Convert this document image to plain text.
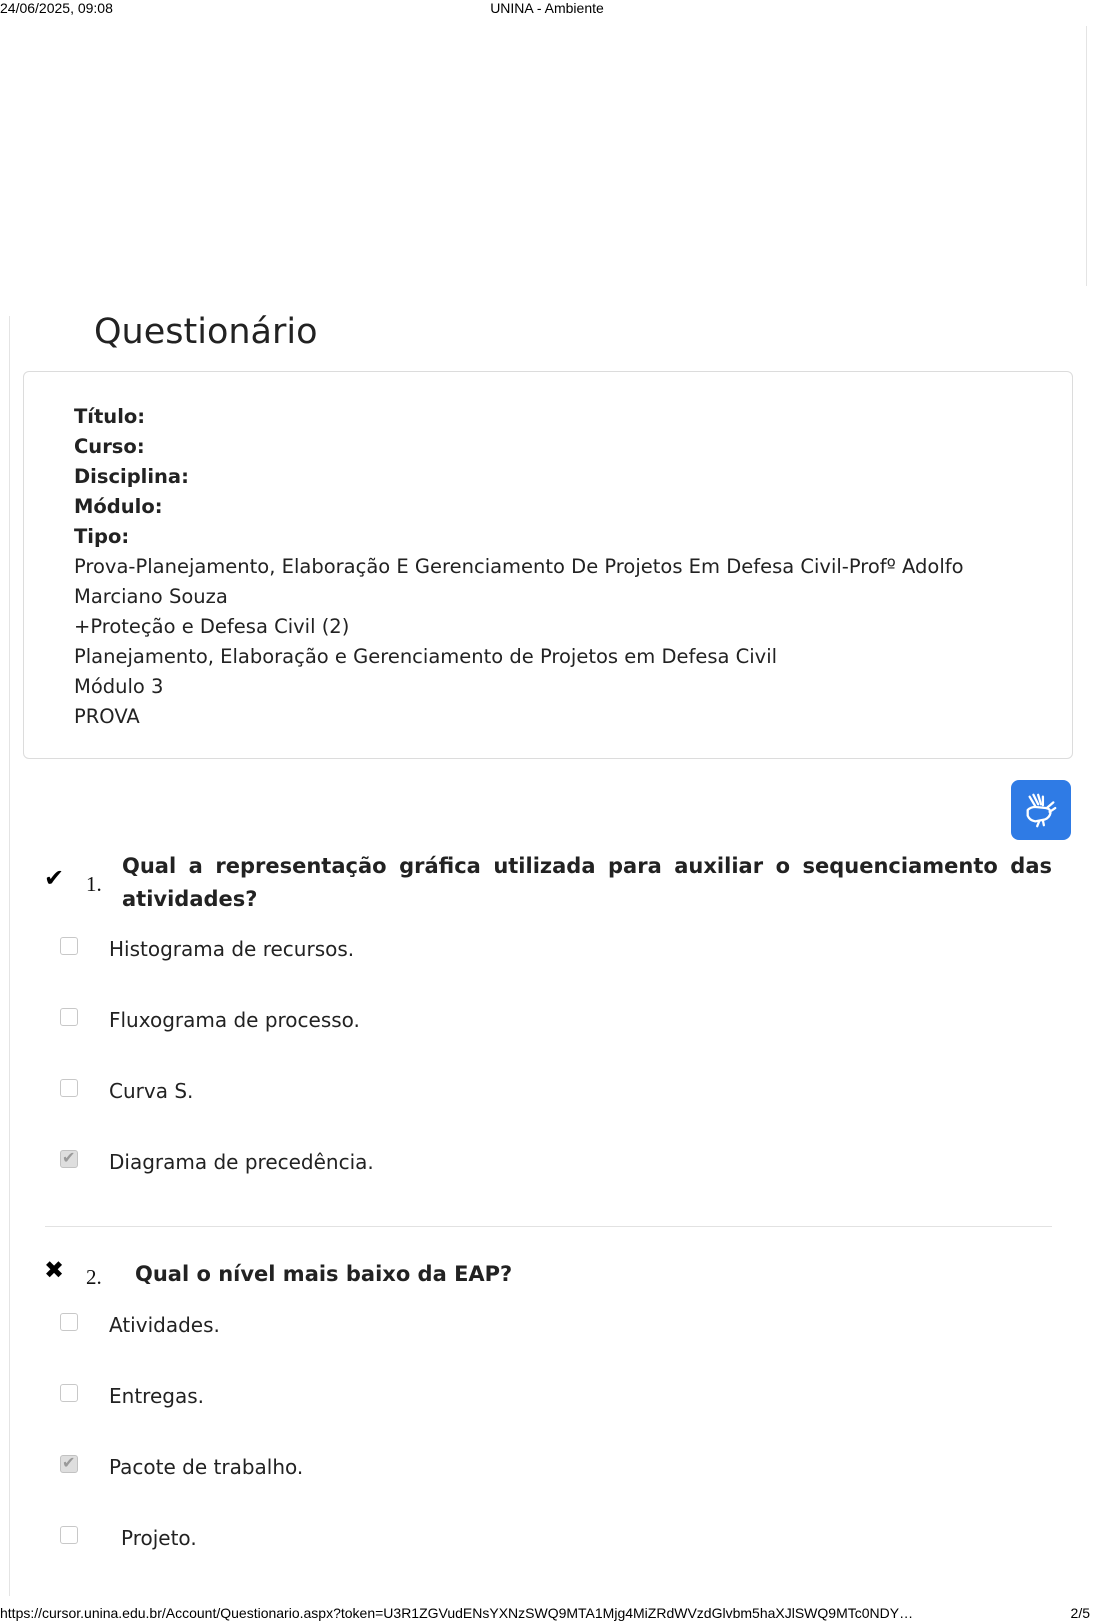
24/06/2025, 09:08	UNINA - Ambiente
Questionário
Título:
Curso:
Disciplina:
Módulo:
Tipo:
Prova-Planejamento, Elaboração E Gerenciamento De Projetos Em Defesa Civil-Profº Adolfo Marciano Souza
+Proteção e Defesa Civil (2)
Planejamento, Elaboração e Gerenciamento de Projetos em Defesa Civil
Módulo 3
PROVA
✔ 1.

Qual a representação gráfica utilizada para auxiliar o sequenciamento das atividades?

Histograma de recursos.
Fluxograma de processo.
Curva S.
✔
Diagrama de precedência.
✖ 2. Qual o nível mais baixo da EAP?

Atividades.
Entregas.
✔
Pacote de trabalho.
Projeto.
https://cursor.unina.edu.br/Account/Questionario.aspx?token=U3R1ZGVudENsYXNzSWQ9MTA1Mjg4MiZRdWVzdGlvbm5haXJlSWQ9MTc0NDY…	2/5
